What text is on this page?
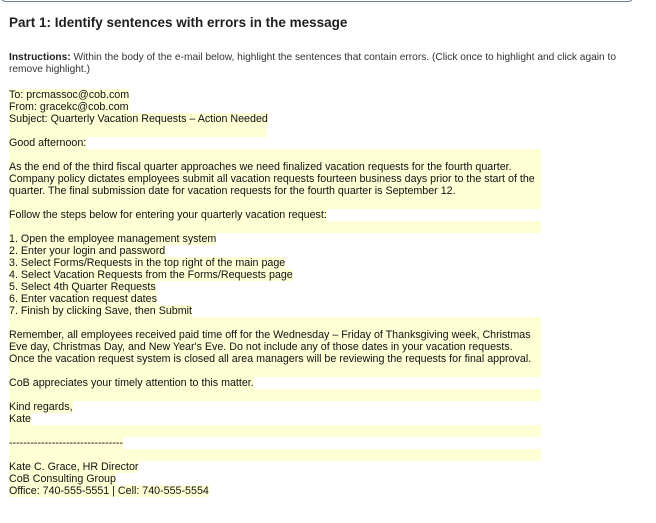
Part 1: Identify sentences with errors in the message

Instructions: Within the body of the e-mail below, highlight the sentences that contain errors. (Click once to highlight and click again to remove highlight.)

To: prcmassoc@cob.com
From: gracekc@cob.com
Subject: Quarterly Vacation Requests – Action Needed
Good afternoon:
As the end of the third fiscal quarter approaches we need finalized vacation requests for the fourth quarter. Company policy dictates employees submit all vacation requests fourteen business days prior to the start of the quarter. The final submission date for vacation requests for the fourth quarter is September 12.
Follow the steps below for entering your quarterly vacation request:
1. Open the employee management system
2. Enter your login and password
3. Select Forms/Requests in the top right of the main page
4. Select Vacation Requests from the Forms/Requests page
5. Select 4th Quarter Requests
6. Enter vacation request dates
7. Finish by clicking Save, then Submit
Remember, all employees received paid time off for the Wednesday – Friday of Thanksgiving week, Christmas Eve day, Christmas Day, and New Year's Eve. Do not include any of those dates in your vacation requests. Once the vacation request system is closed all area managers will be reviewing the requests for final approval.
CoB appreciates your timely attention to this matter.
Kind regards,
Kate
--------------------------------
Kate C. Grace, HR Director
CoB Consulting Group
Office: 740-555-5551 | Cell: 740-555-5554
